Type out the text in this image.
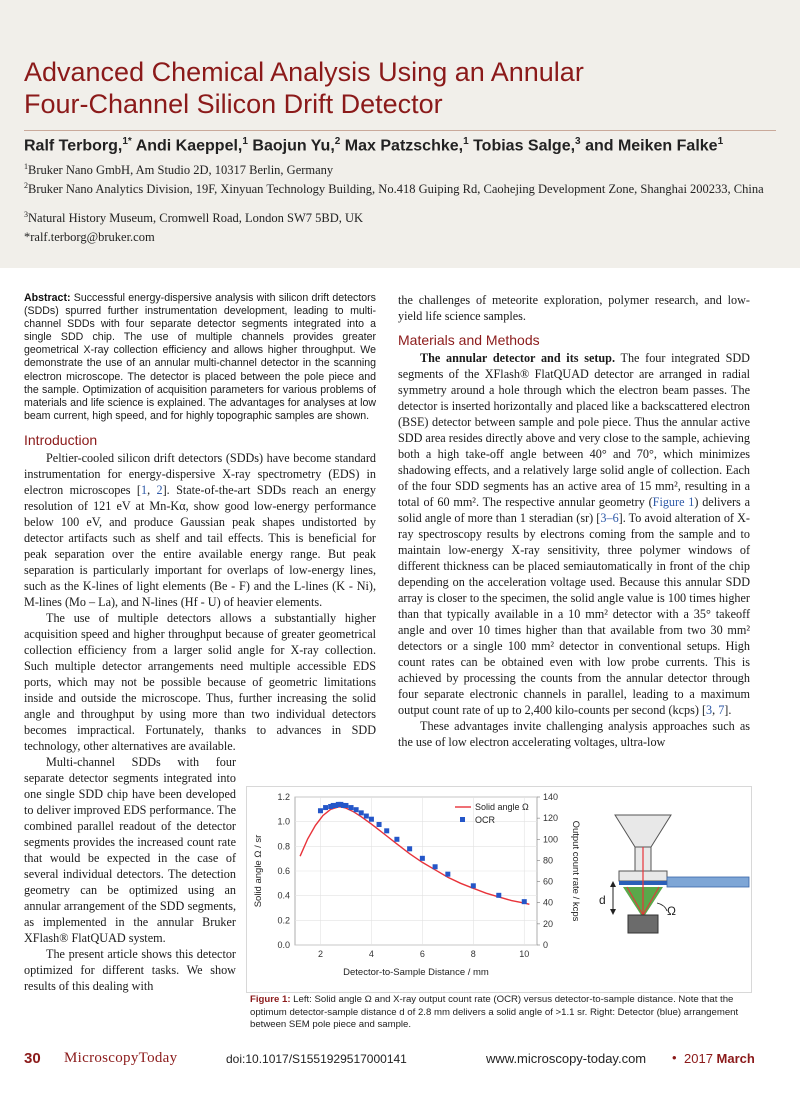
Advanced Chemical Analysis Using an Annular
Four-Channel Silicon Drift Detector
Ralf Terborg,$^{1*}$ Andi Kaeppel,$^1$ Baojun Yu,$^2$ Max Patzschke,$^1$ Tobias Salge,$^3$ and Meiken Falke$^1$
$^1$Bruker Nano GmbH, Am Studio 2D, 10317 Berlin, Germany
$^2$Bruker Nano Analytics Division, 19F, Xinyuan Technology Building, No.418 Guiping Rd, Caohejing Development Zone, Shanghai 200233, China
$^3$Natural History Museum, Cromwell Road, London SW7 5BD, UK
*ralf.terborg@bruker.com

Abstract: Successful energy-dispersive analysis with silicon drift detectors (SDDs) spurred further instrumentation development, leading to multi-channel SDDs with four separate detector segments integrated into a single SDD chip. The use of multiple channels provides greater geometrical X-ray collection efficiency and allows higher throughput. We demonstrate the use of an annular multi-channel detector in the scanning electron microscope. The detector is placed between the pole piece and the sample. Optimization of acquisition parameters for various problems of materials and life science is explained. The advantages for analyses at low beam current, high speed, and for highly topographic samples are shown.

Introduction

Peltier-cooled silicon drift detectors (SDDs) have become standard instrumentation for energy-dispersive X-ray spectrometry (EDS) in electron microscopes [1, 2]. State-of-the-art SDDs reach an energy resolution of 121 eV at Mn-Kα, show good low-energy performance below 100 eV, and produce Gaussian peak shapes undistorted by detector artifacts such as shelf and tail effects. This is beneficial for peak separation over the entire available energy range. But peak separation is particularly important for overlaps of low-energy lines, such as the K-lines of light elements (Be - F) and the L-lines (K - Ni), M-lines (Mo – La), and N-lines (Hf - U) of heavier elements.

The use of multiple detectors allows a substantially higher acquisition speed and higher throughput because of greater geometrical collection efficiency from a larger solid angle for X-ray collection. Such multiple detector arrangements need multiple accessible EDS ports, which may not be possible because of geometric limitations inside and outside the microscope. Thus, further increasing the solid angle and throughput by using more than two individual detectors becomes impractical. Fortunately, thanks to advances in SDD technology, other alternatives are available.

Multi-channel SDDs with four separate detector segments integrated into one single SDD chip have been developed to deliver improved EDS performance. The combined parallel readout of the detector segments provides the increased count rate that would be expected in the case of several individual detectors. The detection geometry can be optimized using an annular arrangement of the SDD segments, as implemented in the annular Bruker XFlash® FlatQUAD system.

The present article shows this detector optimized for different tasks. We show results of this dealing with

the challenges of meteorite exploration, polymer research, and low-yield life science samples.

Materials and Methods

The annular detector and its setup. The four integrated SDD segments of the XFlash® FlatQUAD detector are arranged in radial symmetry around a hole through which the electron beam passes. The detector is inserted horizontally and placed like a backscattered electron (BSE) detector between sample and pole piece. Thus the annular active SDD area resides directly above and very close to the sample, achieving both a high take-off angle between 40° and 70°, which minimizes shadowing effects, and a relatively large solid angle of collection. Each of the four SDD segments has an active area of 15 mm², resulting in a total of 60 mm². The respective annular geometry (Figure 1) delivers a solid angle of more than 1 steradian (sr) [3–6]. To avoid alteration of X-ray spectroscopy results by electrons coming from the sample and to maintain low-energy X-ray sensitivity, three polymer windows of different thickness can be placed semiautomatically in front of the chip depending on the acceleration voltage used. Because this annular SDD array is closer to the specimen, the solid angle value is 100 times higher than that typically available in a 10 mm² detector with a 35° takeoff angle and over 10 times higher than that available from two 30 mm² detectors or a single 100 mm² detector in conventional setups. High count rates can be obtained even with low probe currents. This is achieved by processing the counts from the annular detector through four separate electronic channels in parallel, leading to a maximum output count rate of up to 2,400 kilo-counts per second (kcps) [3, 7].

These advantages invite challenging analysis approaches such as the use of low electron accelerating voltages, ultra-low

0.0
0.2
0.4
0.6
0.8
1.0
1.2
2	4	6	8	10
0
20
40
60
80
100
120
140
Detector-to-Sample Distance / mm
Solid angle Ω / sr	Output count rate / kcps
Solid angle Ω
OCR
d
Ω
Figure 1: Left: Solid angle Ω and X-ray output count rate (OCR) versus detector-to-sample distance. Note that the optimum detector-sample distance d of 2.8 mm delivers a solid angle of >1.1 sr. Right: Detector (blue) arrangement between SEM pole piece and sample.
30 MicroscopyToday	doi:10.1017/S1551929517000141	www.microscopy-today.com • 2017 March
